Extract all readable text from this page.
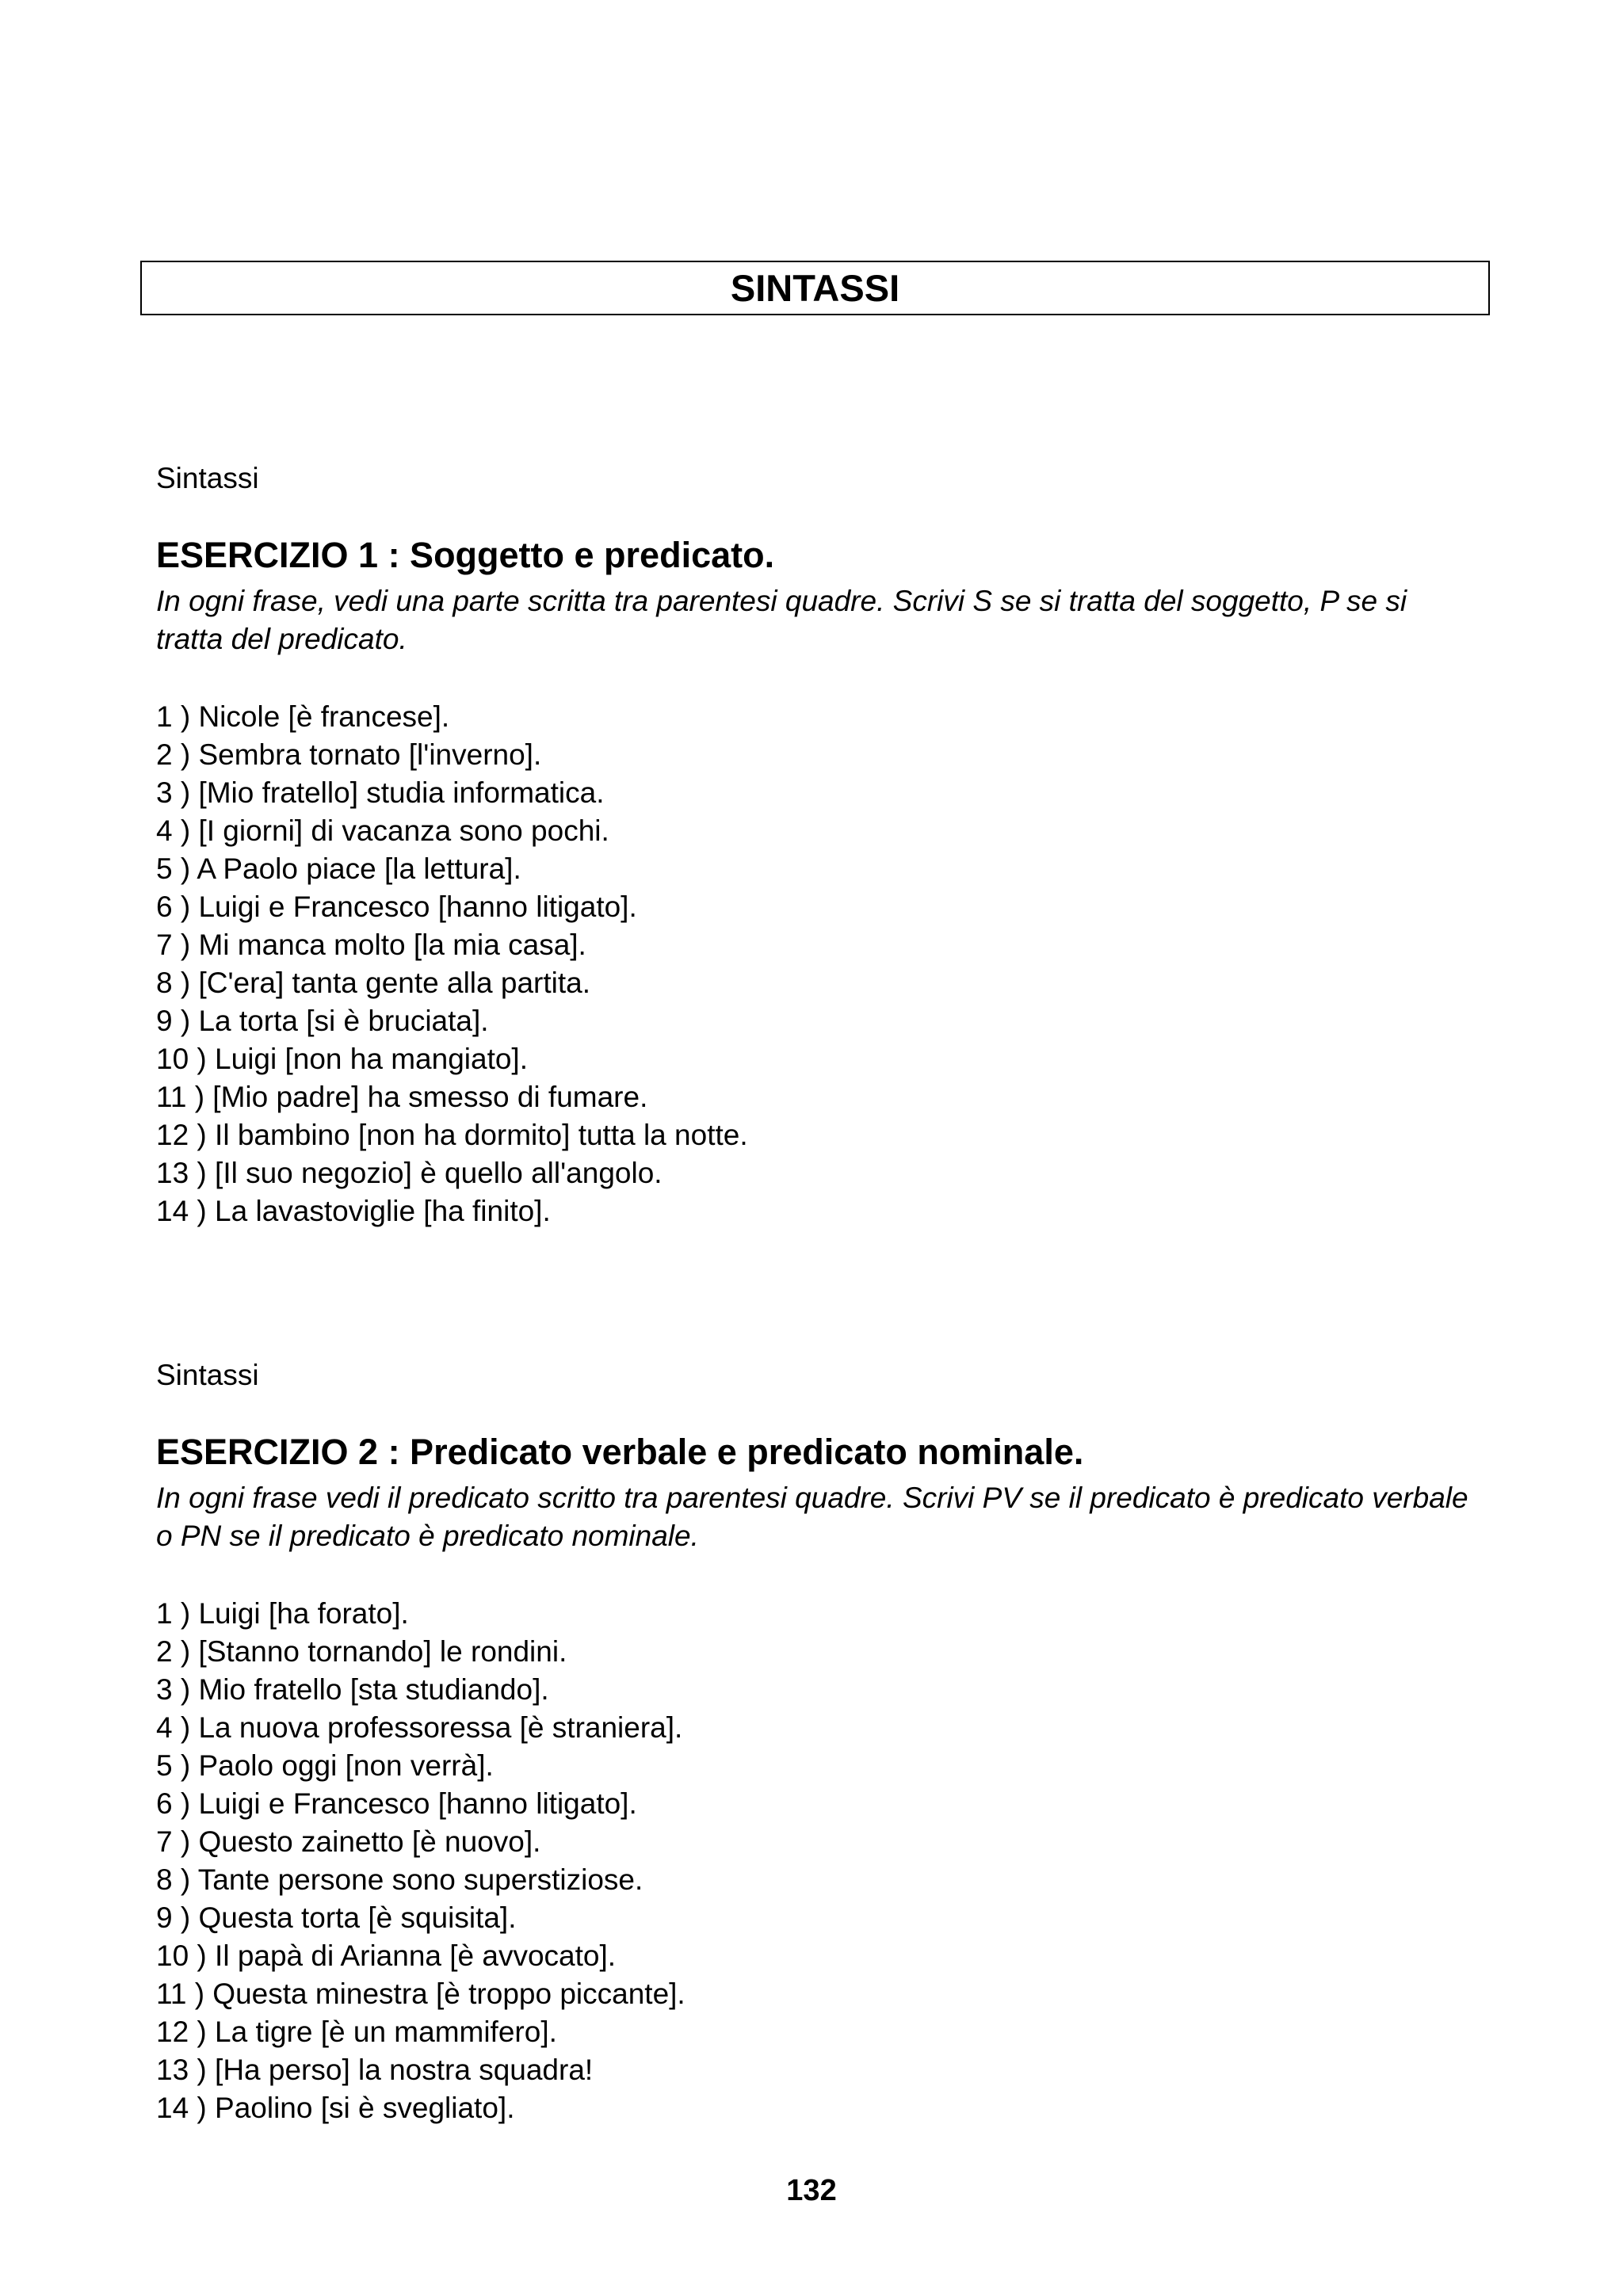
SINTASSI
Sintassi
ESERCIZIO 1 : Soggetto e predicato.
In ogni frase, vedi una parte scritta tra parentesi quadre. Scrivi S se si tratta del soggetto, P se si tratta del predicato.
1 ) Nicole [è francese].
2 ) Sembra tornato [l'inverno].
3 ) [Mio fratello] studia informatica.
4 ) [I giorni] di vacanza sono pochi.
5 ) A Paolo piace [la lettura].
6 ) Luigi e Francesco [hanno litigato].
7 ) Mi manca molto [la mia casa].
8 ) [C'era] tanta gente alla partita.
9 ) La torta [si è bruciata].
10 ) Luigi [non ha mangiato].
11 ) [Mio padre] ha smesso di fumare.
12 ) Il bambino [non ha dormito] tutta la notte.
13 ) [Il suo negozio] è quello all'angolo.
14 ) La lavastoviglie [ha finito].
Sintassi
ESERCIZIO 2 : Predicato verbale e predicato nominale.
In ogni frase vedi il predicato scritto tra parentesi quadre. Scrivi PV se il predicato è predicato verbale o PN se il predicato è predicato nominale.
1 ) Luigi [ha forato].
2 ) [Stanno tornando] le rondini.
3 ) Mio fratello [sta studiando].
4 ) La nuova professoressa [è straniera].
5 ) Paolo oggi [non verrà].
6 ) Luigi e Francesco [hanno litigato].
7 ) Questo zainetto [è nuovo].
8 ) Tante persone sono superstiziose.
9 ) Questa torta [è squisita].
10 ) Il papà di Arianna [è avvocato].
11 ) Questa minestra [è troppo piccante].
12 ) La tigre [è un mammifero].
13 ) [Ha perso] la nostra squadra!
14 ) Paolino [si è svegliato].
132
